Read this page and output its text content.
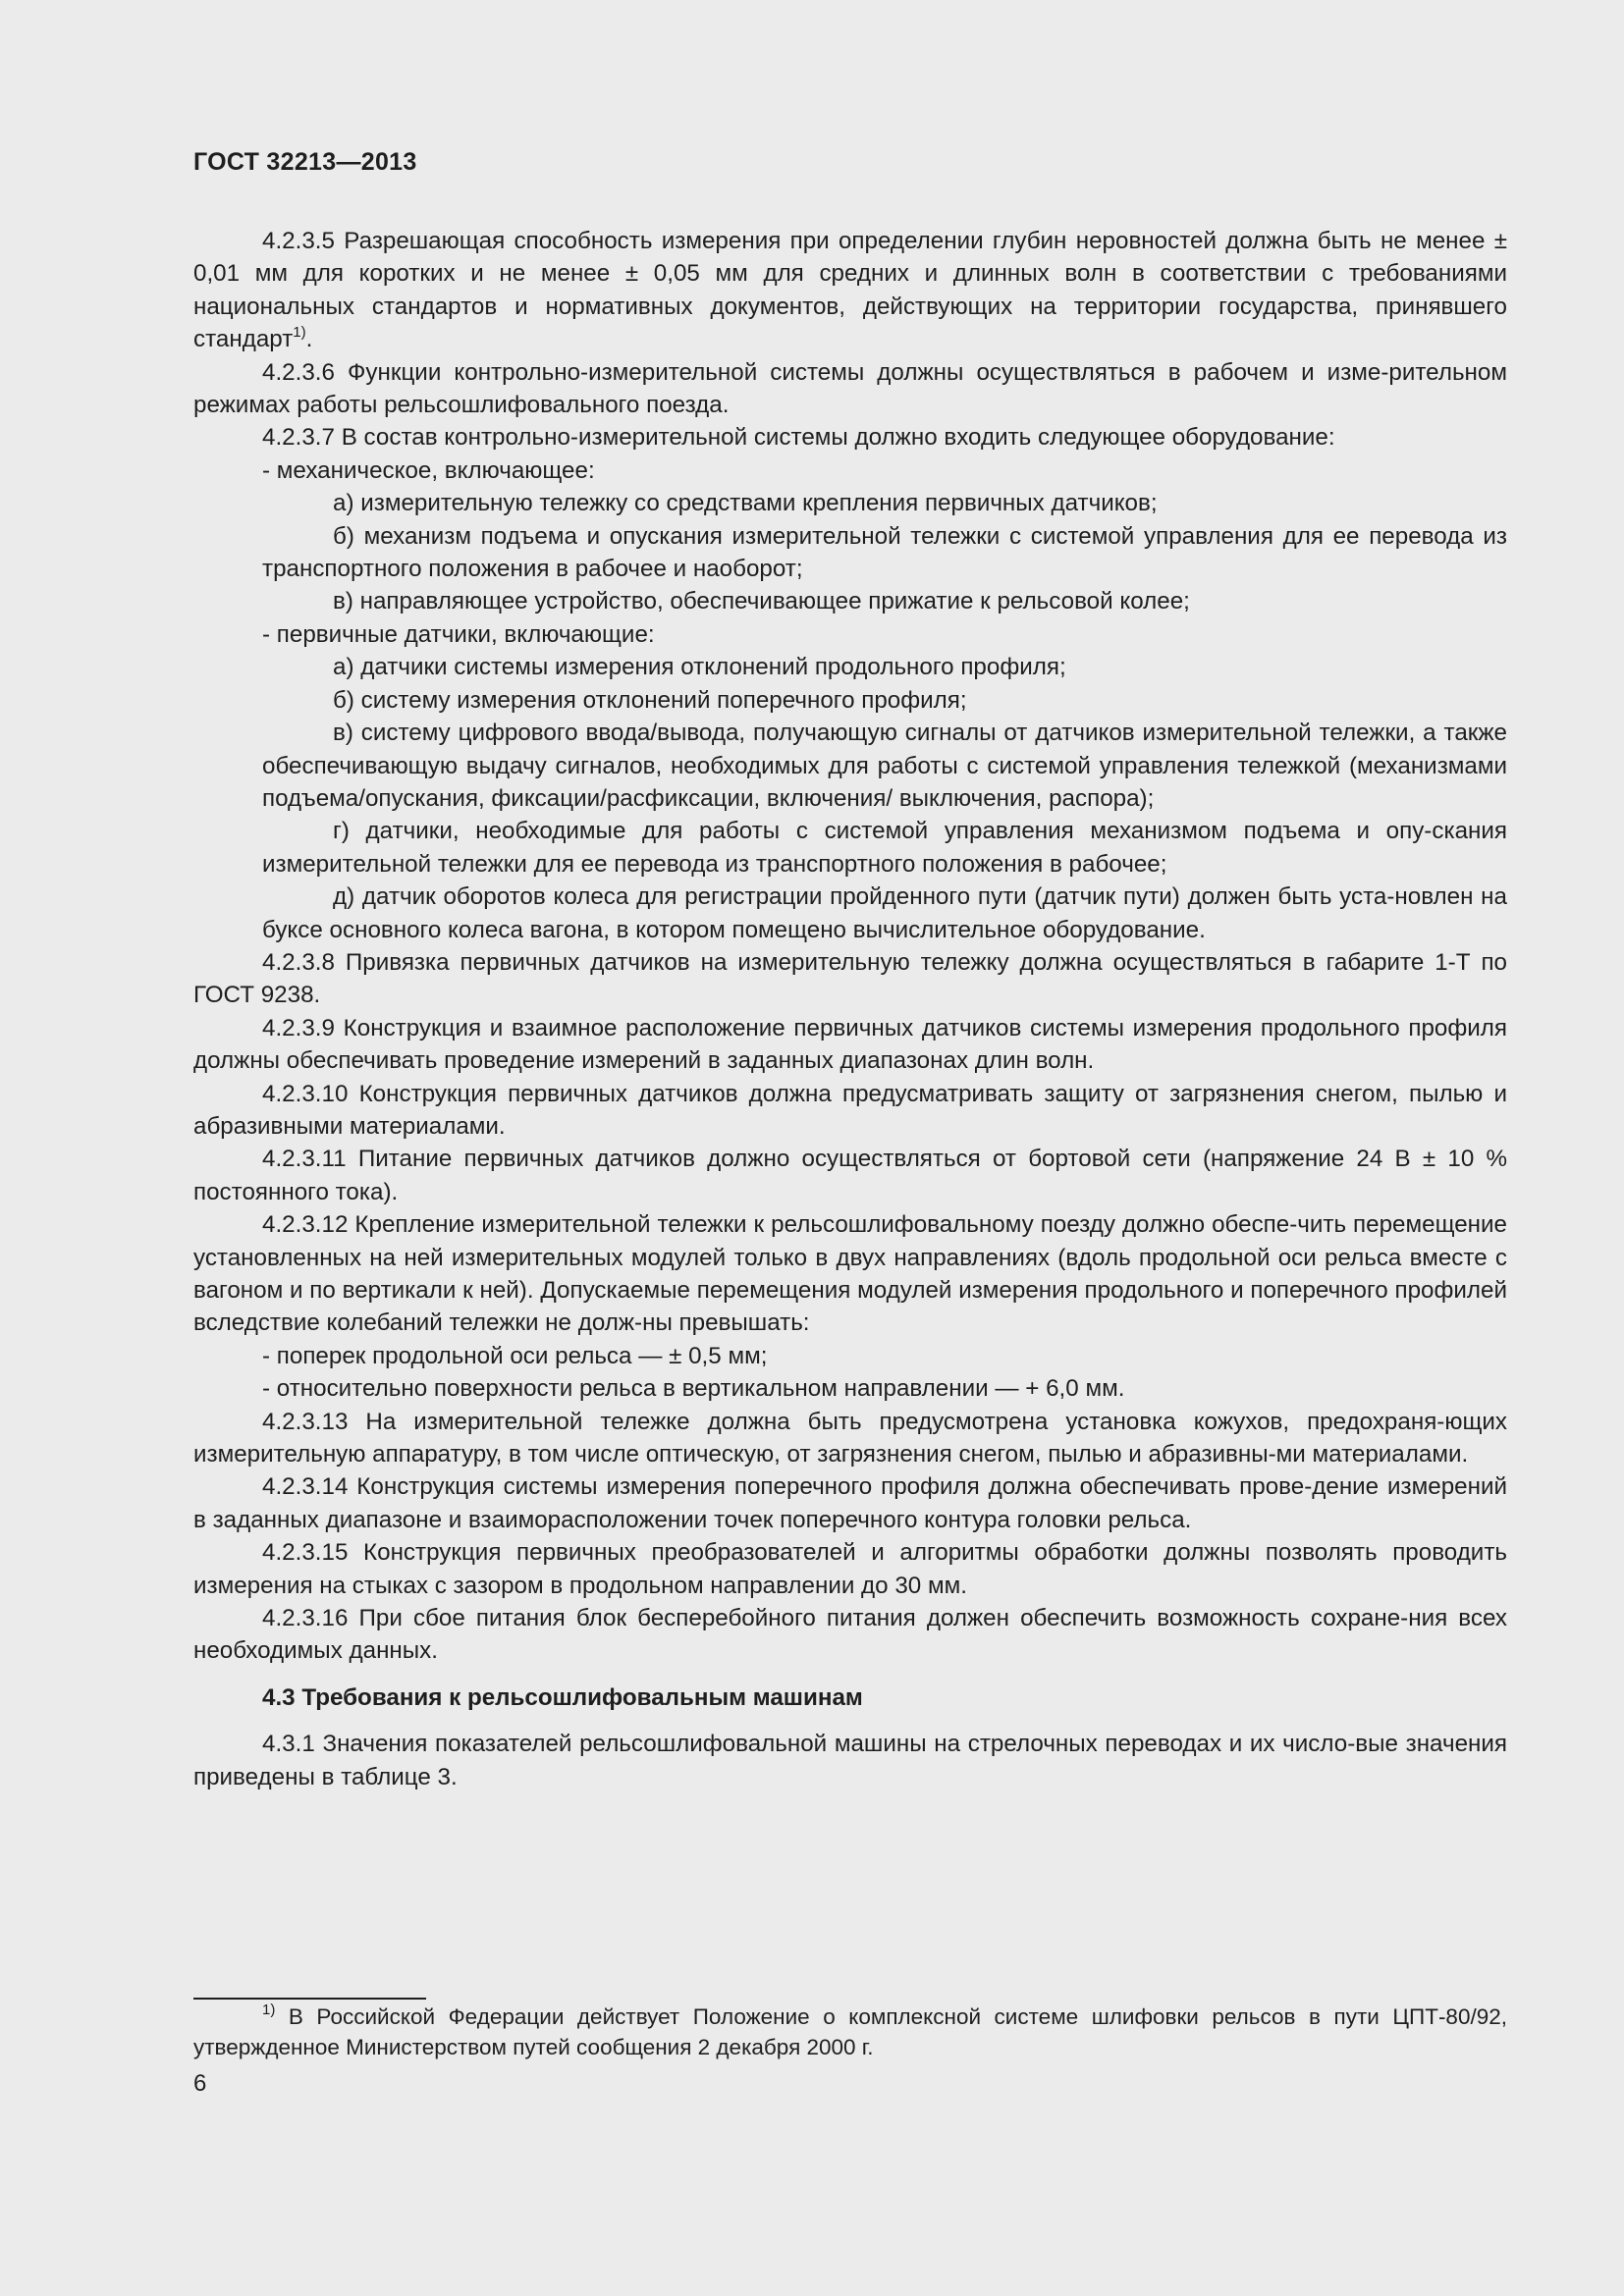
ГОСТ 32213—2013

4.2.3.5 Разрешающая способность измерения при определении глубин неровностей должна быть не менее ± 0,01 мм для коротких и не менее ± 0,05 мм для средних и длинных волн в соответствии с требованиями национальных стандартов и нормативных документов, действующих на территории государства, принявшего стандарт$^{1)}$.

4.2.3.6 Функции контрольно-измерительной системы должны осуществляться в рабочем и изме-рительном режимах работы рельсошлифовального поезда.

4.2.3.7 В состав контрольно-измерительной системы должно входить следующее оборудование:

- механическое, включающее:

а) измерительную тележку со средствами крепления первичных датчиков;

б) механизм подъема и опускания измерительной тележки с системой управления для ее перевода из транспортного положения в рабочее и наоборот;

в) направляющее устройство, обеспечивающее прижатие к рельсовой колее;

- первичные датчики, включающие:

а) датчики системы измерения отклонений продольного профиля;

б) систему измерения отклонений поперечного профиля;

в) систему цифрового ввода/вывода, получающую сигналы от датчиков измерительной тележки, а также обеспечивающую выдачу сигналов, необходимых для работы с системой управления тележкой (механизмами подъема/опускания, фиксации/расфиксации, включения/ выключения, распора);

г) датчики, необходимые для работы с системой управления механизмом подъема и опу-скания измерительной тележки для ее перевода из транспортного положения в рабочее;

д) датчик оборотов колеса для регистрации пройденного пути (датчик пути) должен быть уста-новлен на буксе основного колеса вагона, в котором помещено вычислительное оборудование.

4.2.3.8 Привязка первичных датчиков на измерительную тележку должна осуществляться в габарите 1-Т по ГОСТ 9238.

4.2.3.9 Конструкция и взаимное расположение первичных датчиков системы измерения продольного профиля должны обеспечивать проведение измерений в заданных диапазонах длин волн.

4.2.3.10 Конструкция первичных датчиков должна предусматривать защиту от загрязнения снегом, пылью и абразивными материалами.

4.2.3.11 Питание первичных датчиков должно осуществляться от бортовой сети (напряжение 24 В ± 10 % постоянного тока).

4.2.3.12 Крепление измерительной тележки к рельсошлифовальному поезду должно обеспе-чить перемещение установленных на ней измерительных модулей только в двух направлениях (вдоль продольной оси рельса вместе с вагоном и по вертикали к ней). Допускаемые перемещения модулей измерения продольного и поперечного профилей вследствие колебаний тележки не долж-ны превышать:

- поперек продольной оси рельса — ± 0,5 мм;

- относительно поверхности рельса в вертикальном направлении — + 6,0 мм.

4.2.3.13 На измерительной тележке должна быть предусмотрена установка кожухов, предохраня-ющих измерительную аппаратуру, в том числе оптическую, от загрязнения снегом, пылью и абразивны-ми материалами.

4.2.3.14 Конструкция системы измерения поперечного профиля должна обеспечивать прове-дение измерений в заданных диапазоне и взаиморасположении точек поперечного контура головки рельса.

4.2.3.15 Конструкция первичных преобразователей и алгоритмы обработки должны позволять проводить измерения на стыках с зазором в продольном направлении до 30 мм.

4.2.3.16 При сбое питания блок бесперебойного питания должен обеспечить возможность сохране-ния всех необходимых данных.

4.3 Требования к рельсошлифовальным машинам

4.3.1 Значения показателей рельсошлифовальной машины на стрелочных переводах и их число-вые значения приведены в таблице 3.

$^{1)}$ В Российской Федерации действует Положение о комплексной системе шлифовки рельсов в пути ЦПТ-80/92, утвержденное Министерством путей сообщения 2 декабря 2000 г.

6
